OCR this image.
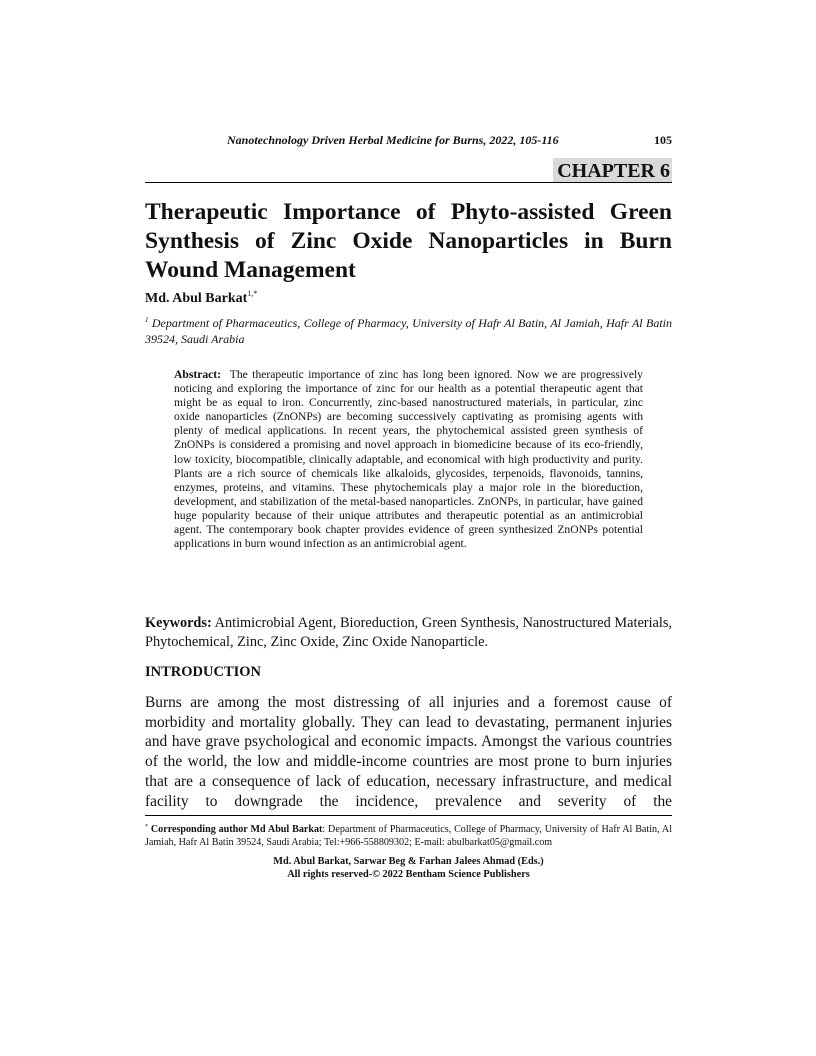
Nanotechnology Driven Herbal Medicine for Burns, 2022, 105-116	105
CHAPTER 6
Therapeutic Importance of Phyto-assisted Green Synthesis of Zinc Oxide Nanoparticles in Burn Wound Management
Md. Abul Barkat$^{1,*}$
$^1$ Department of Pharmaceutics, College of Pharmacy, University of Hafr Al Batin, Al Jamiah, Hafr Al Batin 39524, Saudi Arabia
Abstract: The therapeutic importance of zinc has long been ignored. Now we are progressively noticing and exploring the importance of zinc for our health as a potential therapeutic agent that might be as equal to iron. Concurrently, zinc-based nanostructured materials, in particular, zinc oxide nanoparticles (ZnONPs) are becoming successively captivating as promising agents with plenty of medical applications. In recent years, the phytochemical assisted green synthesis of ZnONPs is considered a promising and novel approach in biomedicine because of its eco-friendly, low toxicity, biocompatible, clinically adaptable, and economical with high productivity and purity. Plants are a rich source of chemicals like alkaloids, glycosides, terpenoids, flavonoids, tannins, enzymes, proteins, and vitamins. These phytochemicals play a major role in the bioreduction, development, and stabilization of the metal-based nanoparticles. ZnONPs, in particular, have gained huge popularity because of their unique attributes and therapeutic potential as an antimicrobial agent. The contemporary book chapter provides evidence of green synthesized ZnONPs potential applications in burn wound infection as an antimicrobial agent.
Keywords: Antimicrobial Agent, Bioreduction, Green Synthesis, Nanostructured Materials, Phytochemical, Zinc, Zinc Oxide, Zinc Oxide Nanoparticle.
INTRODUCTION
Burns are among the most distressing of all injuries and a foremost cause of morbidity and mortality globally. They can lead to devastating, permanent injuries and have grave psychological and economic impacts. Amongst the various countries of the world, the low and middle-income countries are most prone to burn injuries that are a consequence of lack of education, necessary infrastructure, and medical facility to downgrade the incidence, prevalence and severity of the
* Corresponding author Md Abul Barkat: Department of Pharmaceutics, College of Pharmacy, University of Hafr Al Batin, Al Jamiah, Hafr Al Batin 39524, Saudi Arabia; Tel:+966-558809302; E-mail: abulbarkat05@gmail.com
Md. Abul Barkat, Sarwar Beg & Farhan Jalees Ahmad (Eds.)
All rights reserved-© 2022 Bentham Science Publishers
